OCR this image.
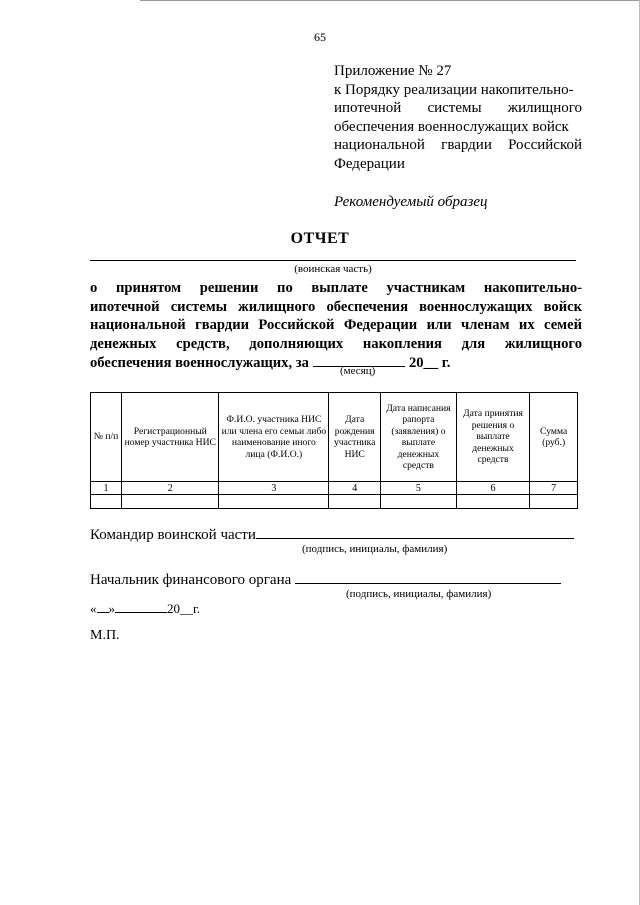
65
Приложение № 27
к Порядку реализации накопительно-
ипотечной системы жилищного
обеспечения военнослужащих войск
национальной гвардии Российской
Федерации
Рекомендуемый образец
ОТЧЕТ
(воинская часть)
о принятом решении по выплате участникам накопительно-
ипотечной системы жилищного обеспечения военнослужащих войск
национальной гвардии Российской Федерации или членам их семей
денежных средств, дополняющих накопления для жилищного
обеспечения военнослужащих, за	20__ г.
(месяц)
№ п/п	Регистрационный номер участника НИС	Ф.И.О. участника НИС или члена его семьи либо наименование иного лица (Ф.И.О.)	Дата рождения участника НИС	Дата написания рапорта (заявления) о выплате денежных средств	Дата принятия решения о выплате денежных средств	Сумма (руб.)
1	2	3	4	5	6	7

Командир воинской части
(подпись, инициалы, фамилия)
Начальник финансового органа
(подпись, инициалы, фамилия)
« »	20__г.
М.П.
